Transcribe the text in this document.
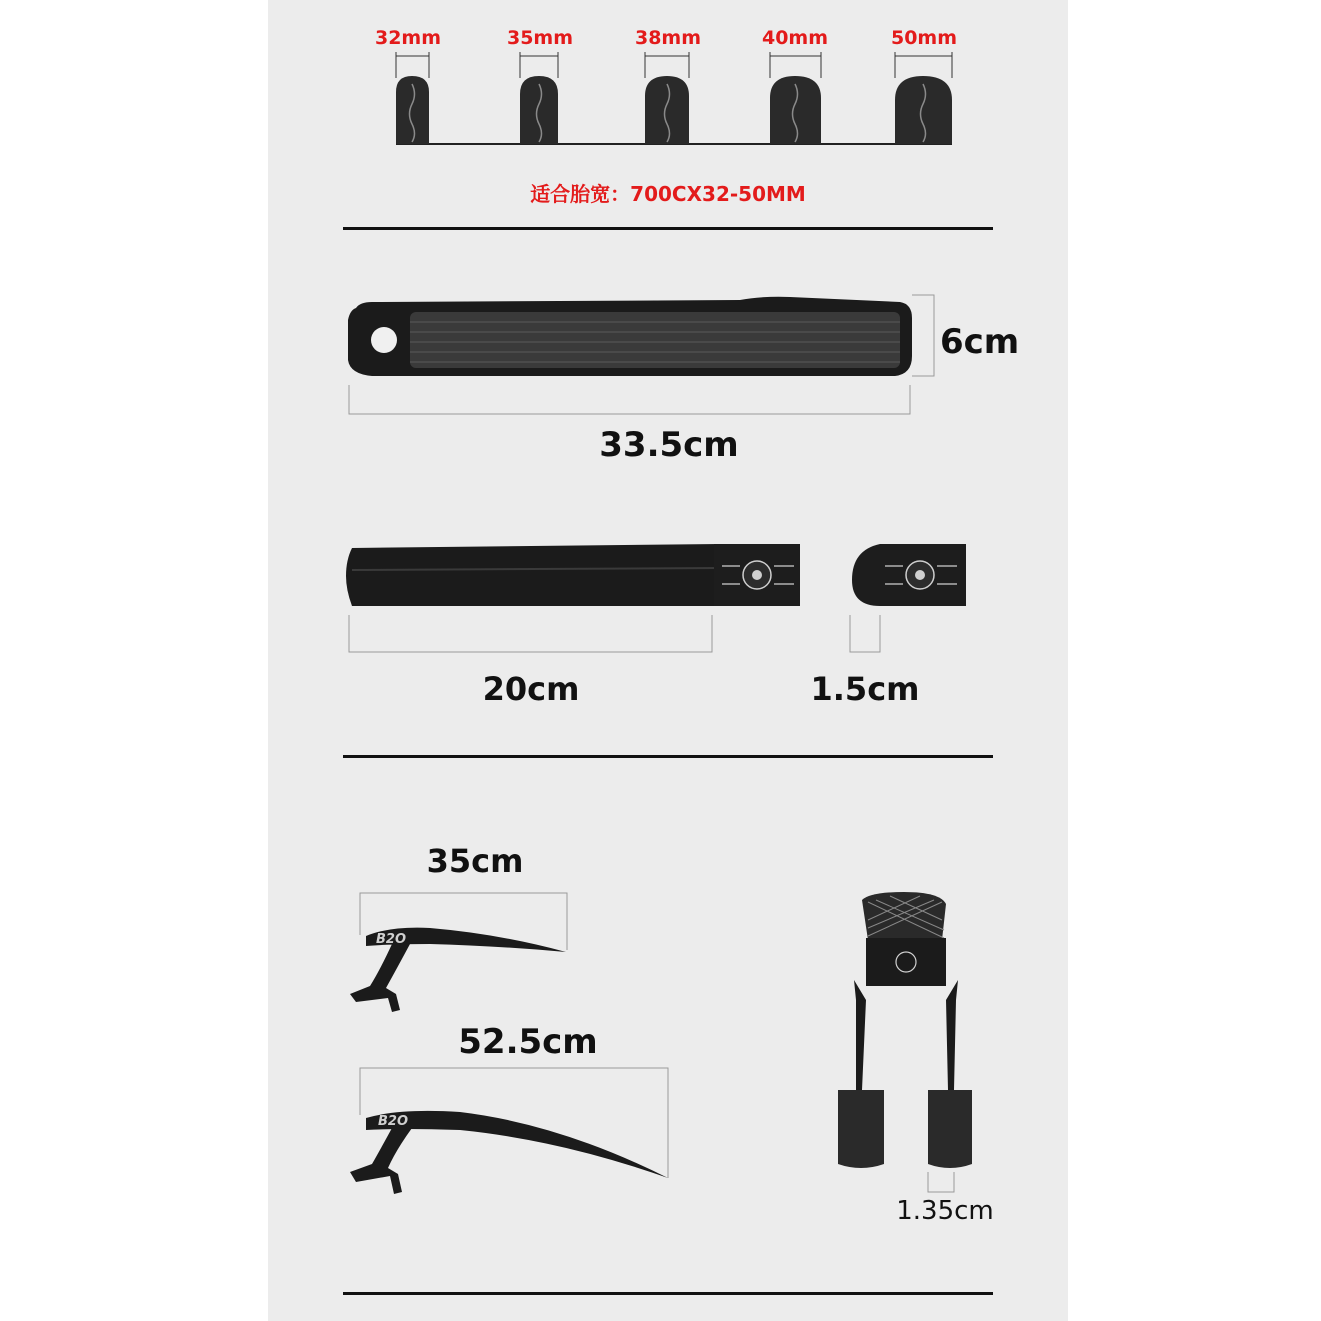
32mm	35mm	38mm	40mm	50mm
适合胎宽：700CX32-50MM
6cm
33.5cm
20cm	1.5cm
35cm
52.5cm
B2O
B2O
1.35cm
